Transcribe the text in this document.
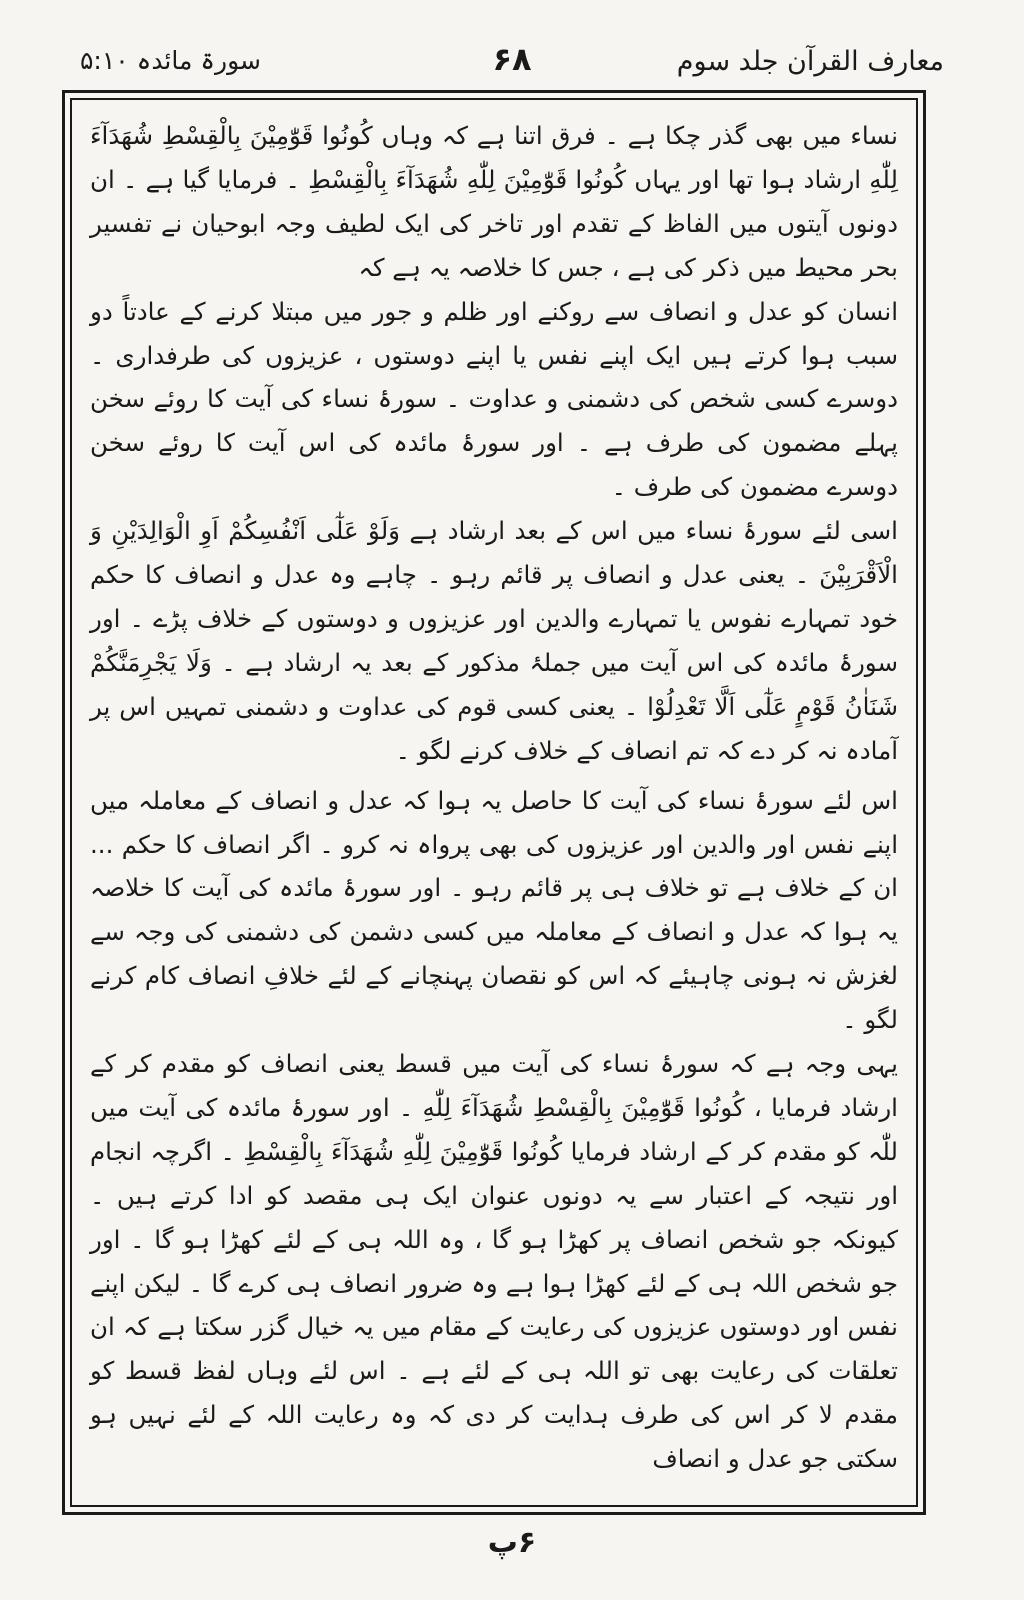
معارف القرآن جلد سوم
۶۸
سورۃ مائدہ ۵:۱۰

نساء میں بھی گذر چکا ہے ۔ فرق اتنا ہے کہ وہاں کُونُوا قَوّٰمِیْنَ بِالْقِسْطِ شُهَدَآءَ لِلّٰهِ ارشاد ہوا تھا اور یہاں کُونُوا قَوّٰمِیْنَ لِلّٰهِ شُهَدَآءَ بِالْقِسْطِ ۔ فرمایا گیا ہے ۔ ان دونوں آیتوں میں الفاظ کے تقدم اور تاخر کی ایک لطیف وجہ ابوحیان نے تفسیر بحر محیط میں ذکر کی ہے ، جس کا خلاصہ یہ ہے کہ

انسان کو عدل و انصاف سے روکنے اور ظلم و جور میں مبتلا کرنے کے عادتاً دو سبب ہوا کرتے ہیں ایک اپنے نفس یا اپنے دوستوں ، عزیزوں کی طرفداری ۔ دوسرے کسی شخص کی دشمنی و عداوت ۔ سورۂ نساء کی آیت کا روئے سخن پہلے مضمون کی طرف ہے ۔ اور سورۂ مائدہ کی اس آیت کا روئے سخن دوسرے مضمون کی طرف ۔

اسی لئے سورۂ نساء میں اس کے بعد ارشاد ہے وَلَوْ عَلٰٓی اَنْفُسِكُمْ اَوِ الْوَالِدَیْنِ وَ الْاَقْرَبِیْنَ ۔ یعنی عدل و انصاف پر قائم رہو ۔ چاہے وہ عدل و انصاف کا حکم خود تمہارے نفوس یا تمہارے والدین اور عزیزوں و دوستوں کے خلاف پڑے ۔ اور سورۂ مائدہ کی اس آیت میں جملۂ مذکور کے بعد یہ ارشاد ہے ۔ وَلَا یَجْرِمَنَّكُمْ شَنَاٰنُ قَوْمٍ عَلٰٓی اَلَّا تَعْدِلُوْا ۔ یعنی کسی قوم کی عداوت و دشمنی تمہیں اس پر آمادہ نہ کر دے کہ تم انصاف کے خلاف کرنے لگو ۔

اس لئے سورۂ نساء کی آیت کا حاصل یہ ہوا کہ عدل و انصاف کے معاملہ میں اپنے نفس اور والدین اور عزیزوں کی بھی پرواہ نہ کرو ۔ اگر انصاف کا حکم ... ان کے خلاف ہے تو خلاف ہی پر قائم رہو ۔ اور سورۂ مائدہ کی آیت کا خلاصہ یہ ہوا کہ عدل و انصاف کے معاملہ میں کسی دشمن کی دشمنی کی وجہ سے لغزش نہ ہونی چاہیئے کہ اس کو نقصان پہنچانے کے لئے خلافِ انصاف کام کرنے لگو ۔

یہی وجہ ہے کہ سورۂ نساء کی آیت میں قسط یعنی انصاف کو مقدم کر کے ارشاد فرمایا ، کُونُوا قَوّٰمِیْنَ بِالْقِسْطِ شُهَدَآءَ لِلّٰهِ ۔ اور سورۂ مائدہ کی آیت میں للّٰہ کو مقدم کر کے ارشاد فرمایا کُونُوا قَوّٰمِیْنَ لِلّٰهِ شُهَدَآءَ بِالْقِسْطِ ۔ اگرچہ انجام اور نتیجہ کے اعتبار سے یہ دونوں عنوان ایک ہی مقصد کو ادا کرتے ہیں ۔ کیونکہ جو شخص انصاف پر کھڑا ہو گا ، وہ اللہ ہی کے لئے کھڑا ہو گا ۔ اور جو شخص اللہ ہی کے لئے کھڑا ہوا ہے وہ ضرور انصاف ہی کرے گا ۔ لیکن اپنے نفس اور دوستوں عزیزوں کی رعایت کے مقام میں یہ خیال گزر سکتا ہے کہ ان تعلقات کی رعایت بھی تو اللہ ہی کے لئے ہے ۔ اس لئے وہاں لفظ قسط کو مقدم لا کر اس کی طرف ہدایت کر دی کہ وہ رعایت اللہ کے لئے نہیں ہو سکتی جو عدل و انصاف

۶پ
